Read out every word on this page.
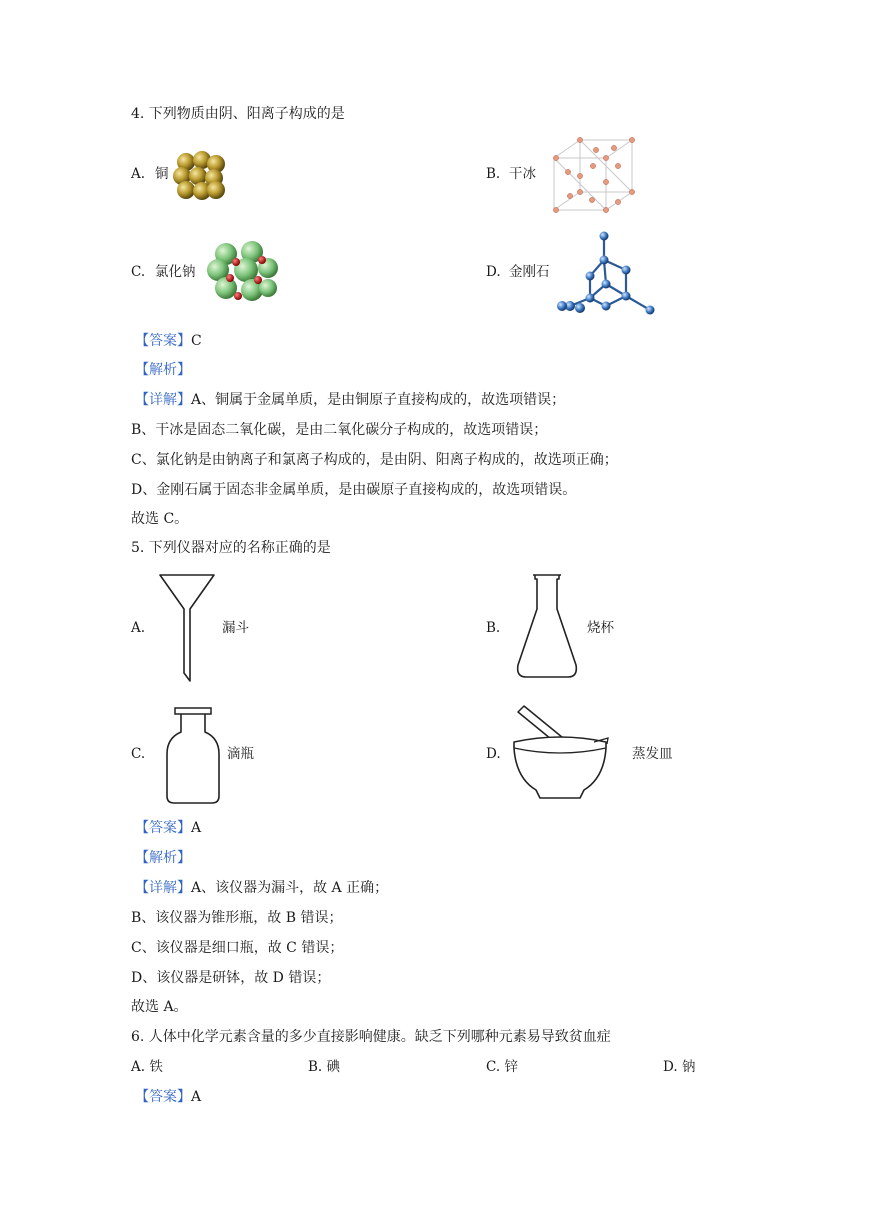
4. 下列物质由阴、阳离子构成的是
A. 铜	B. 干冰
C. 氯化钠	D. 金刚石
【答案】C
【解析】
【详解】A、铜属于金属单质，是由铜原子直接构成的，故选项错误；
B、干冰是固态二氧化碳，是由二氧化碳分子构成的，故选项错误；
C、氯化钠是由钠离子和氯离子构成的，是由阴、阳离子构成的，故选项正确；
D、金刚石属于固态非金属单质，是由碳原子直接构成的，故选项错误。
故选 C。
5. 下列仪器对应的名称正确的是
A.	漏斗	B.	烧杯
C.	滴瓶	D.	蒸发皿
【答案】A
【解析】
【详解】A、该仪器为漏斗，故 A 正确；
B、该仪器为锥形瓶，故 B 错误；
C、该仪器是细口瓶，故 C 错误；
D、该仪器是研钵，故 D 错误；
故选 A。
6. 人体中化学元素含量的多少直接影响健康。缺乏下列哪种元素易导致贫血症
A. 铁	B. 碘	C. 锌	D. 钠
【答案】A
